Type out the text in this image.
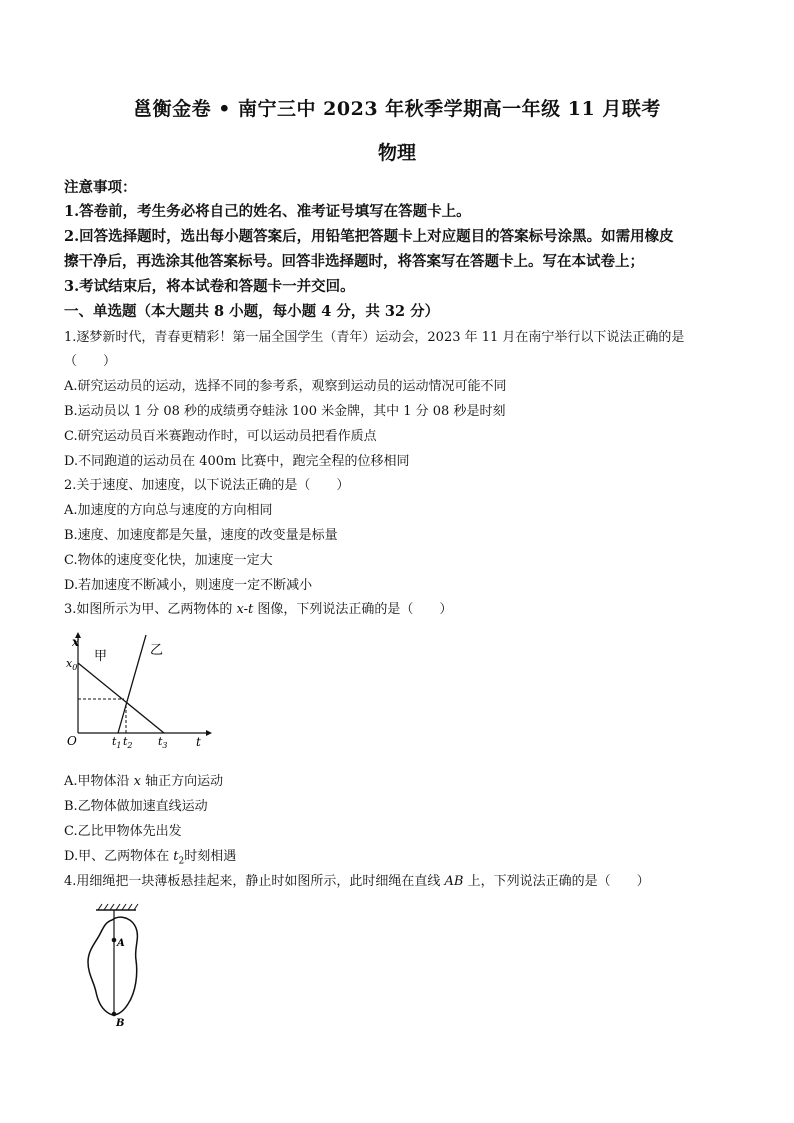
邕衡金卷 • 南宁三中 2023 年秋季学期高一年级 11 月联考
物理
注意事项：
1.答卷前，考生务必将自己的姓名、准考证号填写在答题卡上。
2.回答选择题时，选出每小题答案后，用铅笔把答题卡上对应题目的答案标号涂黑。如需用橡皮
擦干净后，再选涂其他答案标号。回答非选择题时，将答案写在答题卡上。写在本试卷上；
3.考试结束后，将本试卷和答题卡一并交回。
一、单选题（本大题共 8 小题，每小题 4 分，共 32 分）
1.逐梦新时代，青春更精彩！第一届全国学生（青年）运动会，2023 年 11 月在南宁举行以下说法正确的是
（　　）
A.研究运动员的运动，选择不同的参考系，观察到运动员的运动情况可能不同
B.运动员以 1 分 08 秒的成绩勇夺蛙泳 100 米金牌，其中 1 分 08 秒是时刻
C.研究运动员百米赛跑动作时，可以运动员把看作质点
D.不同跑道的运动员在 400m 比赛中，跑完全程的位移相同
2.关于速度、加速度，以下说法正确的是（　　）
A.加速度的方向总与速度的方向相同
B.速度、加速度都是矢量，速度的改变量是标量
C.物体的速度变化快，加速度一定大
D.若加速度不断减小，则速度一定不断减小
3.如图所示为甲、乙两物体的 x-t 图像，下列说法正确的是（　　）
x
t
O
$x_0$
甲	乙
$t_1$ $t_2$ $t_3$
A.甲物体沿 x 轴正方向运动
B.乙物体做加速直线运动
C.乙比甲物体先出发
D.甲、乙两物体在 $t_2$时刻相遇
4.用细绳把一块薄板悬挂起来，静止时如图所示，此时细绳在直线 AB 上，下列说法正确的是（　　）
A
B
